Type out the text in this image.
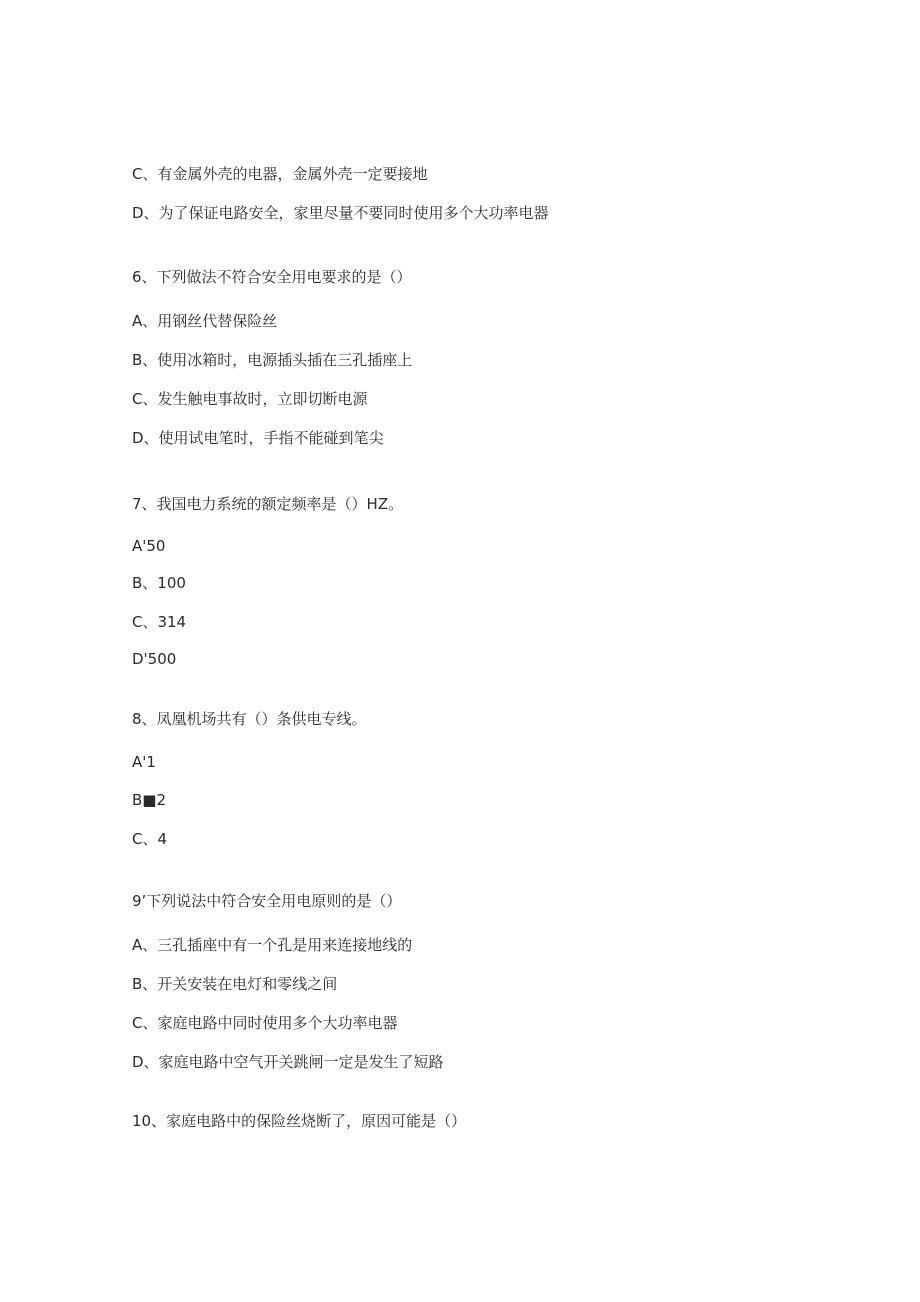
C、有金属外壳的电器，金属外壳一定要接地
D、为了保证电路安全，家里尽量不要同时使用多个大功率电器
6、下列做法不符合安全用电要求的是（）
A、用钢丝代替保险丝
B、使用冰箱时，电源插头插在三孔插座上
C、发生触电事故时，立即切断电源
D、使用试电笔时，手指不能碰到笔尖
7、我国电力系统的额定频率是（）HZ。
A'50
B、100
C、314
D'500
8、凤凰机场共有（）条供电专线。
A'1
B■2
C、4
9’下列说法中符合安全用电原则的是（）
A、三孔插座中有一个孔是用来连接地线的
B、开关安装在电灯和零线之间
C、家庭电路中同时使用多个大功率电器
D、家庭电路中空气开关跳闸一定是发生了短路
10、家庭电路中的保险丝烧断了，原因可能是（）
